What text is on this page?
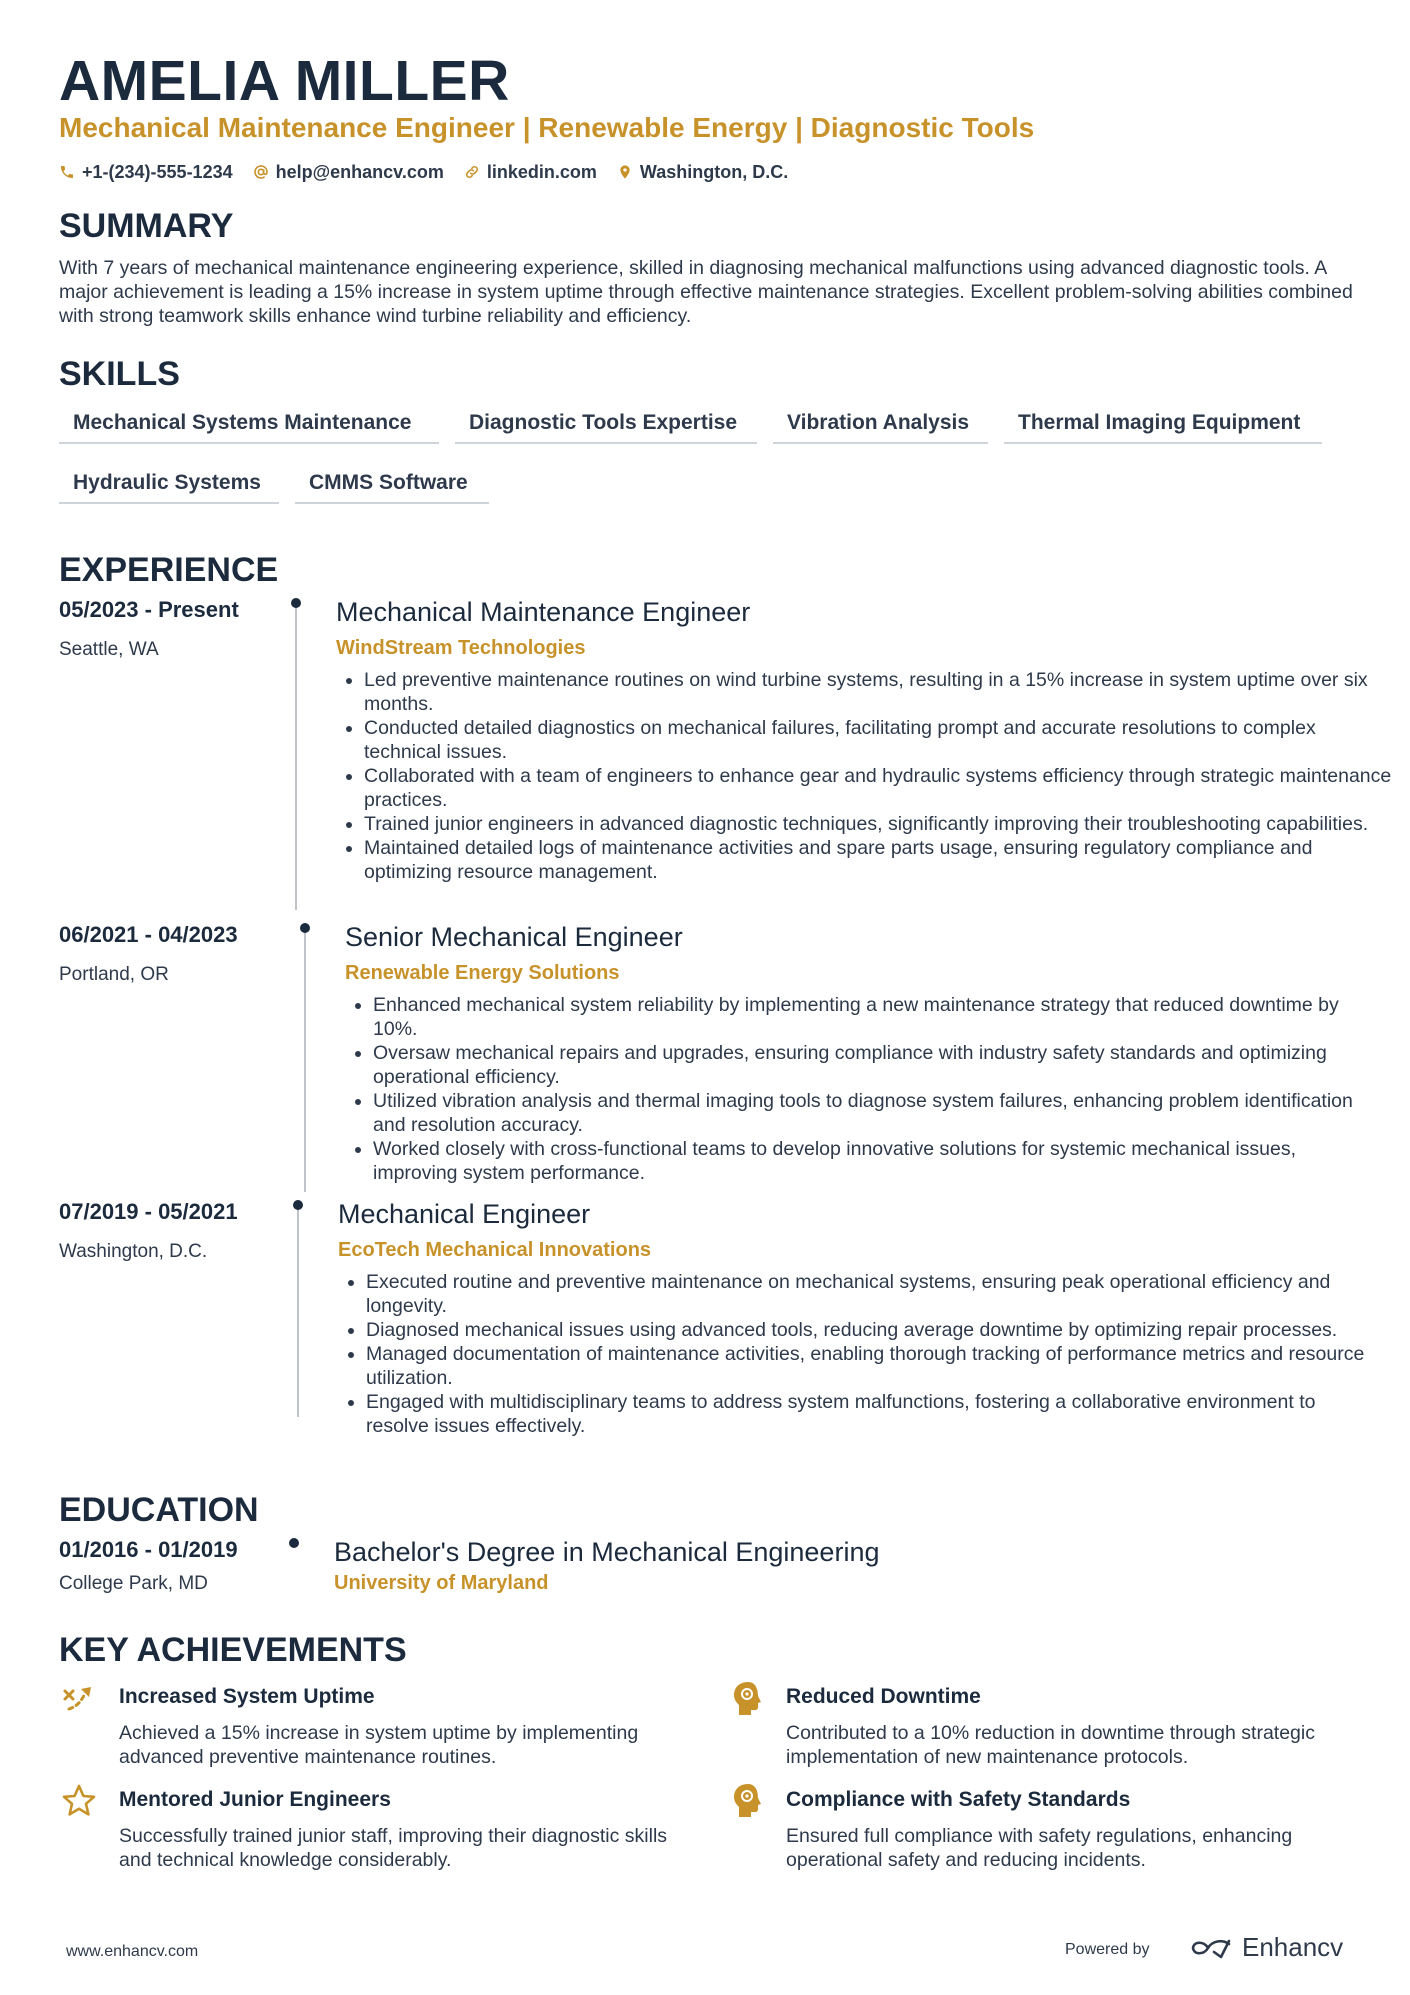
AMELIA MILLER
Mechanical Maintenance Engineer | Renewable Energy | Diagnostic Tools
+1-(234)-555-1234 help@enhancv.com linkedin.com Washington, D.C.
SUMMARY
With 7 years of mechanical maintenance engineering experience, skilled in diagnosing mechanical malfunctions using advanced diagnostic tools. A major achievement is leading a 15% increase in system uptime through effective maintenance strategies. Excellent problem-solving abilities combined with strong teamwork skills enhance wind turbine reliability and efficiency.
SKILLS
Mechanical Systems Maintenance	Diagnostic Tools Expertise	Vibration Analysis	Thermal Imaging Equipment
Hydraulic Systems	CMMS Software
EXPERIENCE
05/2023 - Present
Seattle, WA
Mechanical Maintenance Engineer
WindStream Technologies
• Led preventive maintenance routines on wind turbine systems, resulting in a 15% increase in system uptime over six months.
• Conducted detailed diagnostics on mechanical failures, facilitating prompt and accurate resolutions to complex technical issues.
• Collaborated with a team of engineers to enhance gear and hydraulic systems efficiency through strategic maintenance practices.
• Trained junior engineers in advanced diagnostic techniques, significantly improving their troubleshooting capabilities.
• Maintained detailed logs of maintenance activities and spare parts usage, ensuring regulatory compliance and optimizing resource management.
06/2021 - 04/2023
Portland, OR
Senior Mechanical Engineer
Renewable Energy Solutions
• Enhanced mechanical system reliability by implementing a new maintenance strategy that reduced downtime by 10%.
• Oversaw mechanical repairs and upgrades, ensuring compliance with industry safety standards and optimizing operational efficiency.
• Utilized vibration analysis and thermal imaging tools to diagnose system failures, enhancing problem identification and resolution accuracy.
• Worked closely with cross-functional teams to develop innovative solutions for systemic mechanical issues, improving system performance.
07/2019 - 05/2021
Washington, D.C.
Mechanical Engineer
EcoTech Mechanical Innovations
• Executed routine and preventive maintenance on mechanical systems, ensuring peak operational efficiency and longevity.
• Diagnosed mechanical issues using advanced tools, reducing average downtime by optimizing repair processes.
• Managed documentation of maintenance activities, enabling thorough tracking of performance metrics and resource utilization.
• Engaged with multidisciplinary teams to address system malfunctions, fostering a collaborative environment to resolve issues effectively.
EDUCATION
01/2016 - 01/2019
College Park, MD
Bachelor's Degree in Mechanical Engineering
University of Maryland
KEY ACHIEVEMENTS
Increased System Uptime
Achieved a 15% increase in system uptime by implementing advanced preventive maintenance routines.
Reduced Downtime
Contributed to a 10% reduction in downtime through strategic implementation of new maintenance protocols.
Mentored Junior Engineers
Successfully trained junior staff, improving their diagnostic skills and technical knowledge considerably.
Compliance with Safety Standards
Ensured full compliance with safety regulations, enhancing operational safety and reducing incidents.
www.enhancv.com	Powered by	Enhancv
